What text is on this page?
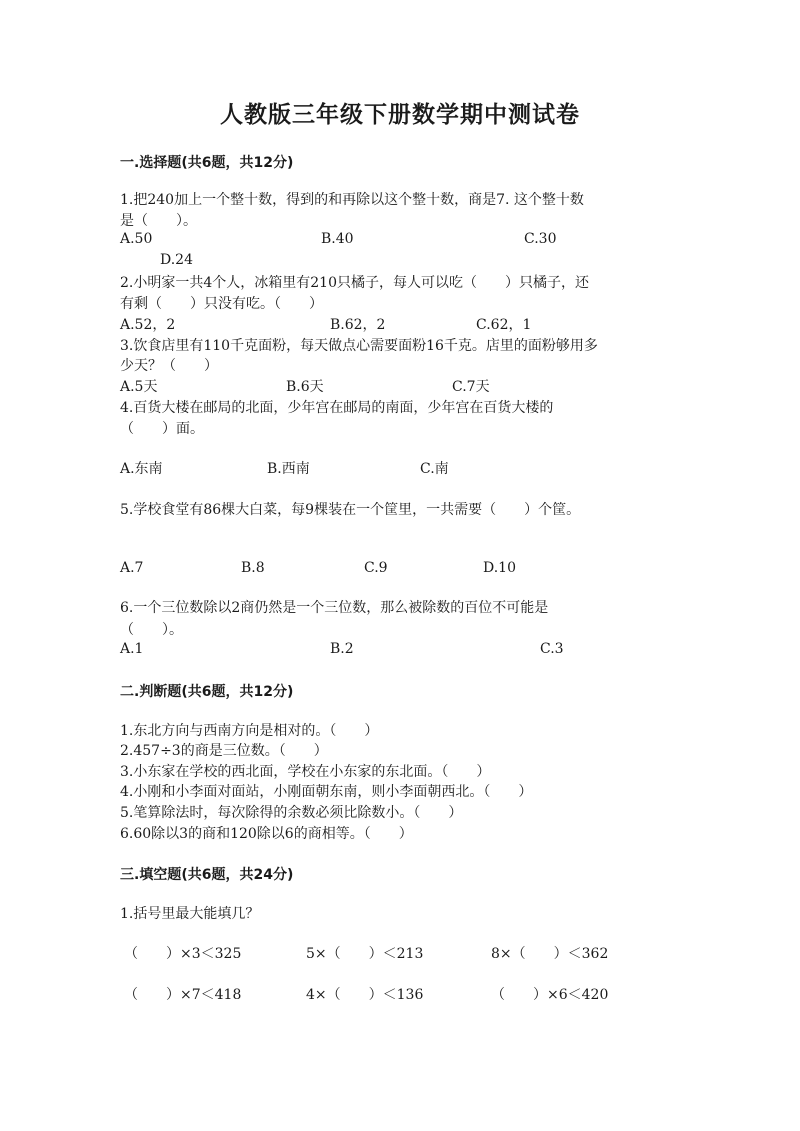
人教版三年级下册数学期中测试卷
一.选择题(共6题，共12分)
1.把240加上一个整十数，得到的和再除以这个整十数，商是7. 这个整十数
是（　　）。
A.50	B.40	C.30
D.24
2.小明家一共4个人，冰箱里有210只橘子，每人可以吃（　　）只橘子，还
有剩（　　）只没有吃。（　　）
A.52，2	B.62，2	C.62，1
3.饮食店里有110千克面粉，每天做点心需要面粉16千克。店里的面粉够用多
少天？（　　）
A.5天	B.6天	C.7天
4.百货大楼在邮局的北面，少年宫在邮局的南面，少年宫在百货大楼的
（　　）面。
A.东南	B.西南	C.南
5.学校食堂有86棵大白菜，每9棵装在一个筐里，一共需要（　　）个筐。
A.7	B.8	C.9	D.10
6.一个三位数除以2商仍然是一个三位数，那么被除数的百位不可能是
（　　）。
A.1	B.2	C.3
二.判断题(共6题，共12分)
1.东北方向与西南方向是相对的。（　　）
2.457÷3的商是三位数。（　　）
3.小东家在学校的西北面，学校在小东家的东北面。（　　）
4.小刚和小李面对面站，小刚面朝东南，则小李面朝西北。（　　）
5.笔算除法时，每次除得的余数必须比除数小。（　　）
6.60除以3的商和120除以6的商相等。（　　）
三.填空题(共6题，共24分)
1.括号里最大能填几？
（　　）×3＜325	5×（　　）＜213	8×（　　）＜362
（　　）×7＜418	4×（　　）＜136	（　　）×6＜420
